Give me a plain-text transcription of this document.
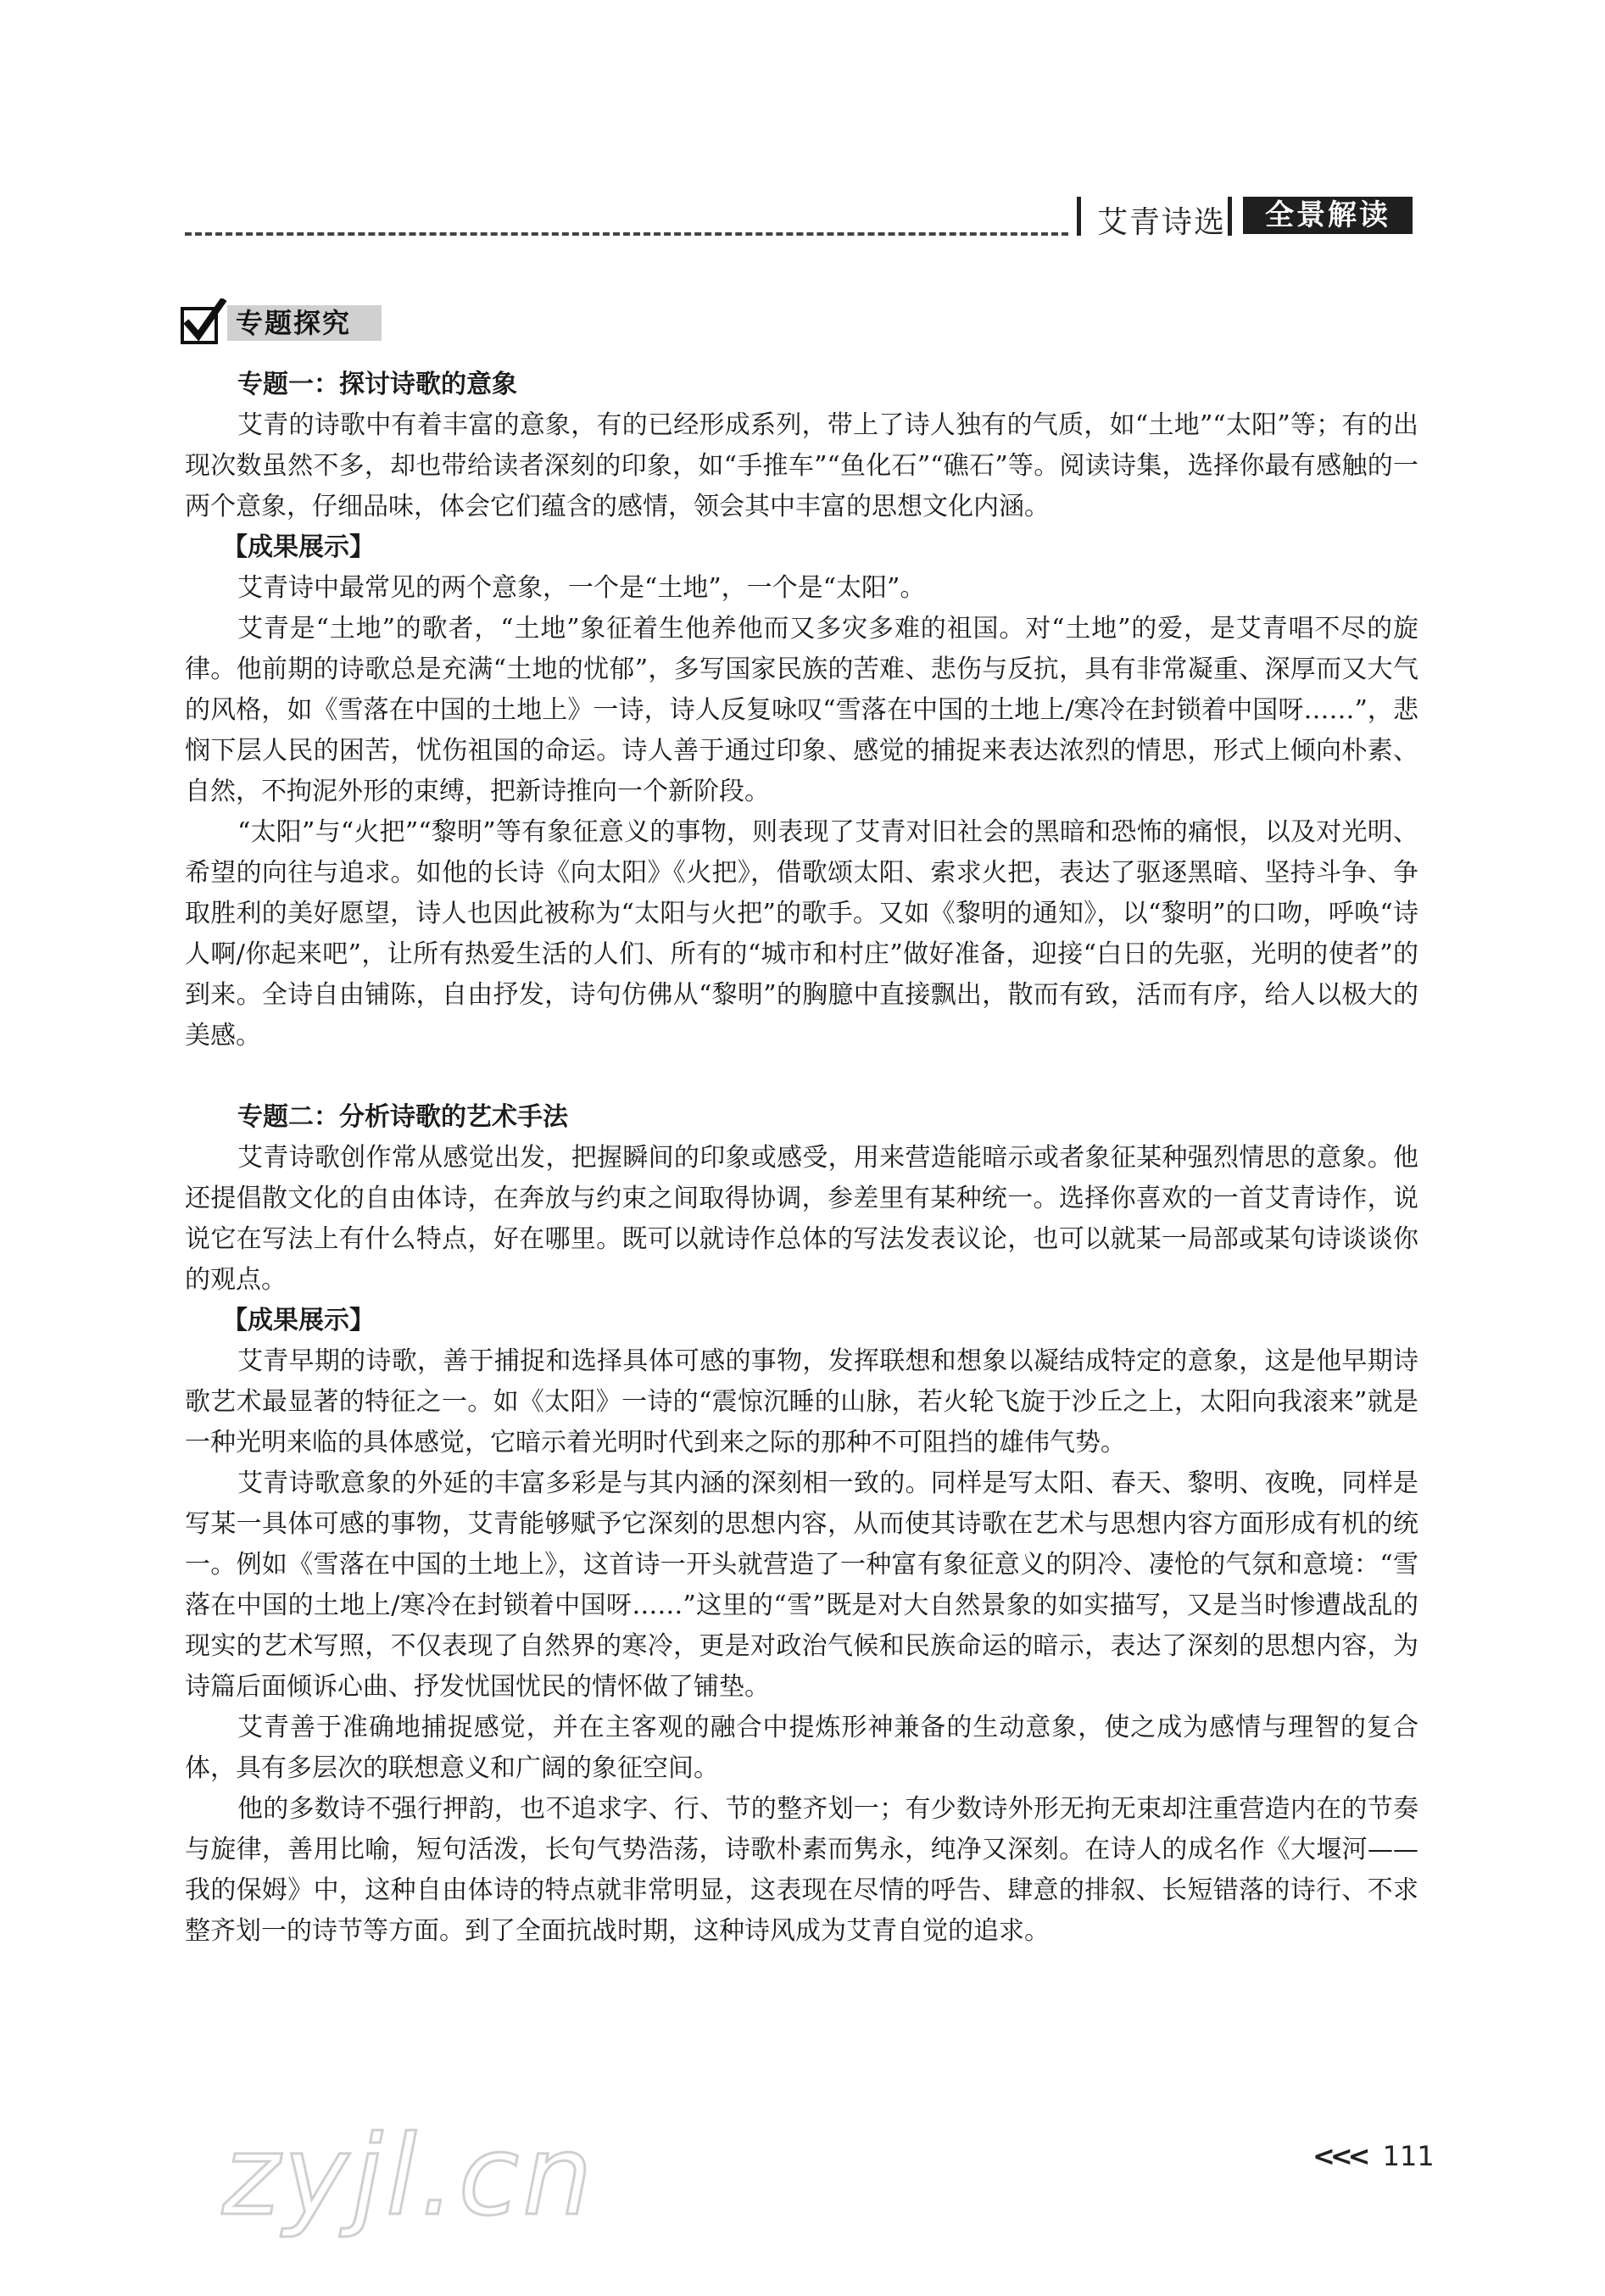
艾青诗选	全景解读
专题探究

专题一：探讨诗歌的意象

艾青的诗歌中有着丰富的意象，有的已经形成系列，带上了诗人独有的气质，如“土地”“太阳”等；有的出现次数虽然不多，却也带给读者深刻的印象，如“手推车”“鱼化石”“礁石”等。阅读诗集，选择你最有感触的一两个意象，仔细品味，体会它们蕴含的感情，领会其中丰富的思想文化内涵。

【成果展示】

艾青诗中最常见的两个意象，一个是“土地”，一个是“太阳”。

艾青是“土地”的歌者，“土地”象征着生他养他而又多灾多难的祖国。对“土地”的爱，是艾青唱不尽的旋律。他前期的诗歌总是充满“土地的忧郁”，多写国家民族的苦难、悲伤与反抗，具有非常凝重、深厚而又大气的风格，如《雪落在中国的土地上》一诗，诗人反复咏叹“雪落在中国的土地上/寒冷在封锁着中国呀……”，悲悯下层人民的困苦，忧伤祖国的命运。诗人善于通过印象、感觉的捕捉来表达浓烈的情思，形式上倾向朴素、自然，不拘泥外形的束缚，把新诗推向一个新阶段。

“太阳”与“火把”“黎明”等有象征意义的事物，则表现了艾青对旧社会的黑暗和恐怖的痛恨，以及对光明、希望的向往与追求。如他的长诗《向太阳》《火把》，借歌颂太阳、索求火把，表达了驱逐黑暗、坚持斗争、争取胜利的美好愿望，诗人也因此被称为“太阳与火把”的歌手。又如《黎明的通知》，以“黎明”的口吻，呼唤“诗人啊/你起来吧”，让所有热爱生活的人们、所有的“城市和村庄”做好准备，迎接“白日的先驱，光明的使者”的到来。全诗自由铺陈，自由抒发，诗句仿佛从“黎明”的胸臆中直接飘出，散而有致，活而有序，给人以极大的美感。

专题二：分析诗歌的艺术手法

艾青诗歌创作常从感觉出发，把握瞬间的印象或感受，用来营造能暗示或者象征某种强烈情思的意象。他还提倡散文化的自由体诗，在奔放与约束之间取得协调，参差里有某种统一。选择你喜欢的一首艾青诗作，说说它在写法上有什么特点，好在哪里。既可以就诗作总体的写法发表议论，也可以就某一局部或某句诗谈谈你的观点。

【成果展示】

艾青早期的诗歌，善于捕捉和选择具体可感的事物，发挥联想和想象以凝结成特定的意象，这是他早期诗歌艺术最显著的特征之一。如《太阳》一诗的“震惊沉睡的山脉，若火轮飞旋于沙丘之上，太阳向我滚来”就是一种光明来临的具体感觉，它暗示着光明时代到来之际的那种不可阻挡的雄伟气势。

艾青诗歌意象的外延的丰富多彩是与其内涵的深刻相一致的。同样是写太阳、春天、黎明、夜晚，同样是写某一具体可感的事物，艾青能够赋予它深刻的思想内容，从而使其诗歌在艺术与思想内容方面形成有机的统一。例如《雪落在中国的土地上》，这首诗一开头就营造了一种富有象征意义的阴冷、凄怆的气氛和意境：“雪落在中国的土地上/寒冷在封锁着中国呀……”这里的“雪”既是对大自然景象的如实描写，又是当时惨遭战乱的现实的艺术写照，不仅表现了自然界的寒冷，更是对政治气候和民族命运的暗示，表达了深刻的思想内容，为诗篇后面倾诉心曲、抒发忧国忧民的情怀做了铺垫。

艾青善于准确地捕捉感觉，并在主客观的融合中提炼形神兼备的生动意象，使之成为感情与理智的复合体，具有多层次的联想意义和广阔的象征空间。

他的多数诗不强行押韵，也不追求字、行、节的整齐划一；有少数诗外形无拘无束却注重营造内在的节奏与旋律，善用比喻，短句活泼，长句气势浩荡，诗歌朴素而隽永，纯净又深刻。在诗人的成名作《大堰河——我的保姆》中，这种自由体诗的特点就非常明显，这表现在尽情的呼告、肆意的排叙、长短错落的诗行、不求整齐划一的诗节等方面。到了全面抗战时期，这种诗风成为艾青自觉的追求。

zyjl.cn	<<< 111
